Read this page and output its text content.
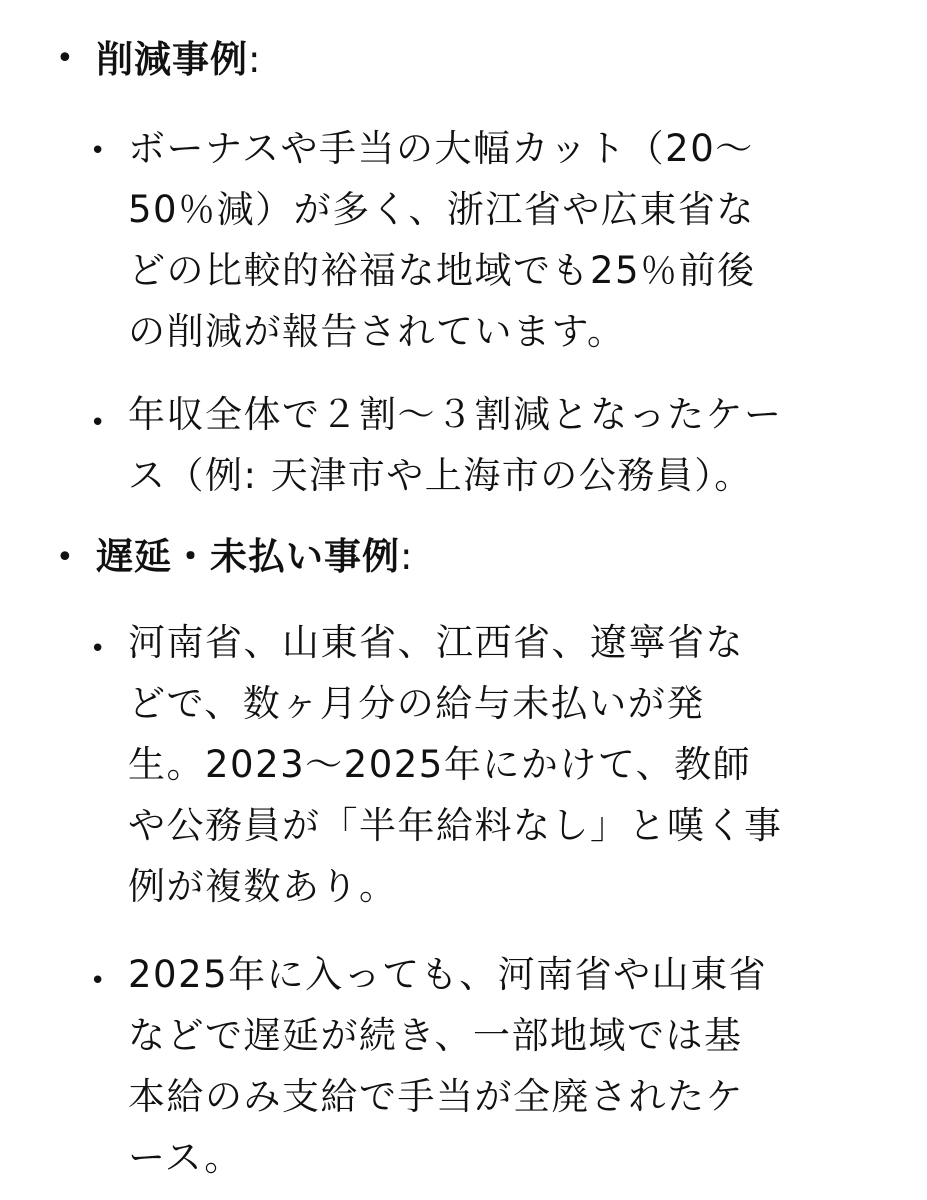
• 削減事例:
• ボーナスや手当の大幅カット（20〜
50％減）が多く、浙江省や広東省な
どの比較的裕福な地域でも25％前後
の削減が報告されています。
• 年収全体で２割〜３割減となったケー
ス（例: 天津市や上海市の公務員）。
• 遅延・未払い事例:
• 河南省、山東省、江西省、遼寧省な
どで、数ヶ月分の給与未払いが発
生。2023〜2025年にかけて、教師
や公務員が「半年給料なし」と嘆く事
例が複数あり。
• 2025年に入っても、河南省や山東省
などで遅延が続き、一部地域では基
本給のみ支給で手当が全廃されたケ
ース。
